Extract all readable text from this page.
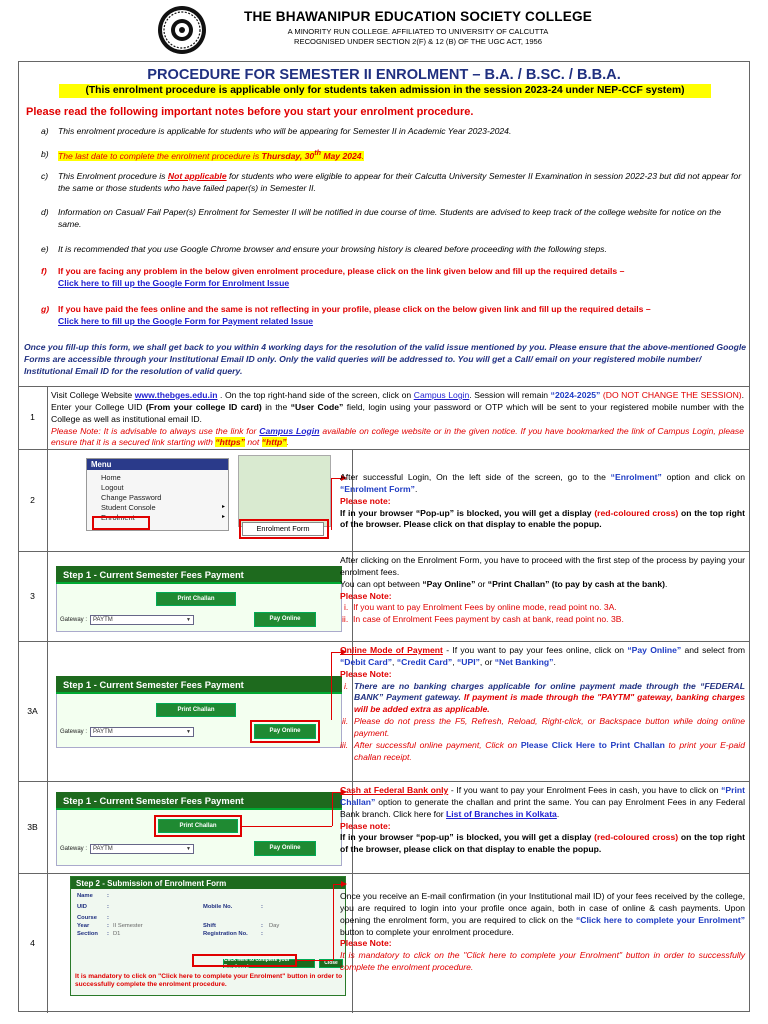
THE BHAWANIPUR EDUCATION SOCIETY COLLEGE
A MINORITY RUN COLLEGE. AFFILIATED TO UNIVERSITY OF CALCUTTA
RECOGNISED UNDER SECTION 2(F) & 12 (B) OF THE UGC ACT, 1956
PROCEDURE FOR SEMESTER II ENROLMENT – B.A. / B.SC. / B.B.A.
(This enrolment procedure is applicable only for students taken admission in the session 2023-24 under NEP-CCF system)
Please read the following important notes before you start your enrolment procedure.
a) This enrolment procedure is applicable for students who will be appearing for Semester II in Academic Year 2023-2024.
b) The last date to complete the enrolment procedure is Thursday, 30th May 2024.
c) This Enrolment procedure is Not applicable for students who were eligible to appear for their Calcutta University Semester II Examination in session 2022-23 but did not appear for the same or those students who have failed paper(s) in Semester II.
d) Information on Casual/ Fail Paper(s) Enrolment for Semester II will be notified in due course of time. Students are advised to keep track of the college website for notice on the same.
e) It is recommended that you use Google Chrome browser and ensure your browsing history is cleared before proceeding with the following steps.
f) If you are facing any problem in the below given enrolment procedure, please click on the link given below and fill up the required details –
Click here to fill up the Google Form for Enrolment Issue
g) If you have paid the fees online and the same is not reflecting in your profile, please click on the below given link and fill up the required details –
Click here to fill up the Google Form for Payment related Issue
Once you fill-up this form, we shall get back to you within 4 working days for the resolution of the valid issue mentioned by you. Please ensure that the above-mentioned Google Forms are accessible through your Institutional Email ID only. Only the valid queries will be addressed to. You will get a Call/ email on your registered mobile number/ Institutional Email ID for the resolution of valid query.
1
Visit College Website www.thebges.edu.in . On the top right-hand side of the screen, click on Campus Login. Session will remain “2024-2025” (DO NOT CHANGE THE SESSION). Enter your College UID (From your college ID card) in the “User Code” field, login using your password or OTP which will be sent to your registered mobile number with the College as well as institutional email ID.
Please Note: It is advisable to always use the link for Campus Login available on college website or in the given notice. If you have bookmarked the link of Campus Login, please ensure that it is a secured link starting with “https” not “http”.
2
Menu
Home
Logout
Change Password
Student Console
Enrolment
▸
▸
Enrolment Form
After successful Login, On the left side of the screen, go to the “Enrolment” option and click on “Enrolment Form”.
Please note:
If in your browser “Pop-up” is blocked, you will get a display (red-coloured cross) on the top right of the browser. Please click on that display to enable the popup.
3
Step 1 - Current Semester Fees Payment
Print Challan
Gateway : PAYTM ▼	Pay Online
After clicking on the Enrolment Form, you have to proceed with the first step of the process by paying your enrolment fees.
You can opt between “Pay Online” or “Print Challan” (to pay by cash at the bank).
Please Note:
i.  If you want to pay Enrolment Fees by online mode, read point no. 3A.
ii.  In case of Enrolment Fees payment by cash at bank, read point no. 3B.
3A
Step 1 - Current Semester Fees Payment
Print Challan
Gateway : PAYTM ▼	Pay Online
Online Mode of Payment - If you want to pay your fees online, click on “Pay Online” and select from “Debit Card”, “Credit Card”, “UPI”, or “Net Banking”.
Please Note:
i. There are no banking charges applicable for online payment made through the “FEDERAL BANK” Payment gateway. If payment is made through the "PAYTM" gateway, banking charges will be added extra as applicable.
ii. Please do not press the F5, Refresh, Reload, Right-click, or Backspace button while doing online payment.
iii. After successful online payment, Click on Please Click Here to Print Challan to print your E-paid challan receipt.
3B
Step 1 - Current Semester Fees Payment
Print Challan
Gateway : PAYTM ▼	Pay Online
Cash at Federal Bank only - If you want to pay your Enrolment Fees in cash, you have to click on “Print Challan” option to generate the challan and print the same. You can pay Enrolment Fees in any Federal Bank branch. Click here for List of Branches in Kolkata.
Please note:
If in your browser “pop-up” is blocked, you will get a display (red-coloured cross) on the top right of the browser, please click on that display to enable the popup.
4
Step 2 - Submission of Enrolment Form
Name :
UID	:
Course :
Year	: II Semester
Section : D1
Mobile No.	:
Shift	: Day
Registration No. :
Click here to complete your Enrolment
Close
It is mandatory to click on "Click here to complete your Enrolment" button in order to successfully complete the enrolment procedure.
Once you receive an E-mail confirmation (in your Institutional mail ID) of your fees received by the college, you are required to login into your profile once again, both in case of online & cash payments. Upon opening the enrolment form, you are required to click on the “Click here to complete your Enrolment” button to complete your enrolment procedure.
Please Note:
It is mandatory to click on the "Click here to complete your Enrolment" button in order to successfully complete the enrolment procedure.
